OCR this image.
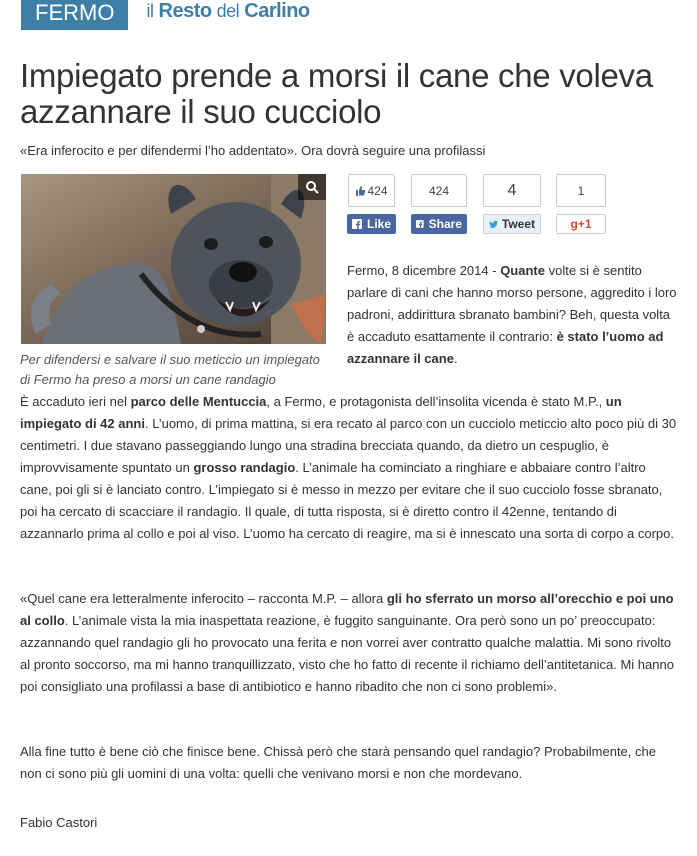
FERMO	il Resto del Carlino
Impiegato prende a morsi il cane che voleva azzannare il suo cucciolo
«Era inferocito e per difendermi l’ho addentato». Ora dovrà seguire una profilassi
Per difendersi e salvare il suo meticcio un impiegato di Fermo ha preso a morsi un cane randagio
424
Like
424
Share
4
Tweet
1
g+1
Fermo, 8 dicembre 2014 - Quante volte si è sentito parlare di cani che hanno morso persone, aggredito i loro padroni, addirittura sbranato bambini? Beh, questa volta è accaduto esattamente il contrario: è stato l’uomo ad azzannare il cane.

È accaduto ieri nel parco delle Mentuccia, a Fermo, e protagonista dell’insolita vicenda è stato M.P., un impiegato di 42 anni. L’uomo, di prima mattina, si era recato al parco con un cucciolo meticcio alto poco più di 30 centimetri. I due stavano passeggiando lungo una stradina brecciata quando, da dietro un cespuglio, è improvvisamente spuntato un grosso randagio. L’animale ha cominciato a ringhiare e abbaiare contro l’altro cane, poi gli si è lanciato contro. L’impiegato si è messo in mezzo per evitare che il suo cucciolo fosse sbranato, poi ha cercato di scacciare il randagio. Il quale, di tutta risposta, si è diretto contro il 42enne, tentando di azzannarlo prima al collo e poi al viso. L’uomo ha cercato di reagire, ma si è innescato una sorta di corpo a corpo.

«Quel cane era letteralmente inferocito – racconta M.P. – allora gli ho sferrato un morso all’orecchio e poi uno al collo. L’animale vista la mia inaspettata reazione, è fuggito sanguinante. Ora però sono un po’ preoccupato: azzannando quel randagio gli ho provocato una ferita e non vorrei aver contratto qualche malattia. Mi sono rivolto al pronto soccorso, ma mi hanno tranquillizzato, visto che ho fatto di recente il richiamo dell’antitetanica. Mi hanno poi consigliato una profilassi a base di antibiotico e hanno ribadito che non ci sono problemi».

Alla fine tutto è bene ciò che finisce bene. Chissà però che starà pensando quel randagio? Probabilmente, che non ci sono più gli uomini di una volta: quelli che venivano morsi e non che mordevano.

Fabio Castori
